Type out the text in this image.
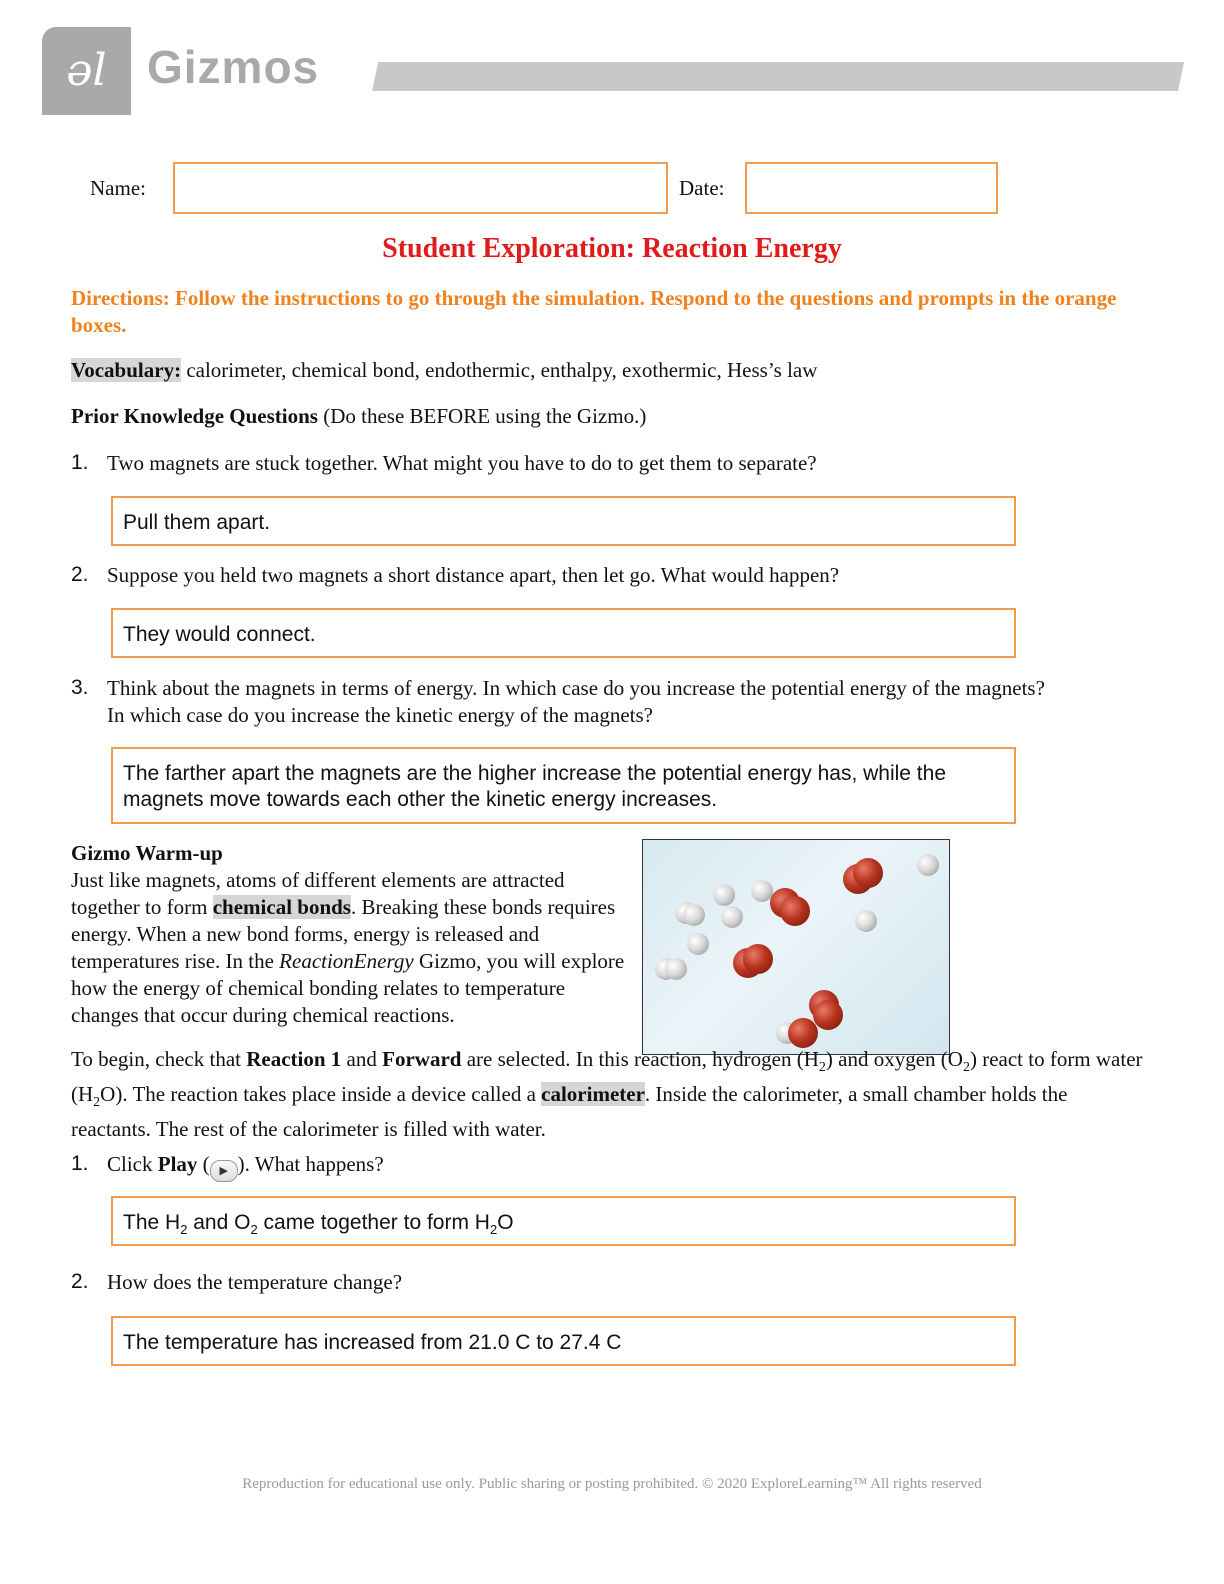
ǝl Gizmos
Name:	Date:
Student Exploration: Reaction Energy
Directions: Follow the instructions to go through the simulation. Respond to the questions and prompts in the orange boxes.
Vocabulary: calorimeter, chemical bond, endothermic, enthalpy, exothermic, Hess’s law
Prior Knowledge Questions (Do these BEFORE using the Gizmo.)
1. Two magnets are stuck together. What might you have to do to get them to separate?
Pull them apart.
2. Suppose you held two magnets a short distance apart, then let go. What would happen?
They would connect.
3. Think about the magnets in terms of energy. In which case do you increase the potential energy of the magnets?
In which case do you increase the kinetic energy of the magnets?
The farther apart the magnets are the higher increase the potential energy has, while the magnets move towards each other the kinetic energy increases.
Gizmo Warm-up
Just like magnets, atoms of different elements are attracted together to form chemical bonds. Breaking these bonds requires energy. When a new bond forms, energy is released and temperatures rise. In the ReactionEnergy Gizmo, you will explore how the energy of chemical bonding relates to temperature changes that occur during chemical reactions.
To begin, check that Reaction 1 and Forward are selected. In this reaction, hydrogen $(H_2)$ and oxygen $(O_2)$ react to form water $(H_2O)$. The reaction takes place inside a device called a calorimeter. Inside the calorimeter, a small chamber holds the reactants. The rest of the calorimeter is filled with water.
1. Click Play ( ▶ ). What happens?
The $H_2$ and $O_2$ came together to form $H_2O$
2. How does the temperature change?
The temperature has increased from 21.0 C to 27.4 C
Reproduction for educational use only. Public sharing or posting prohibited. © 2020 ExploreLearning™ All rights reserved
